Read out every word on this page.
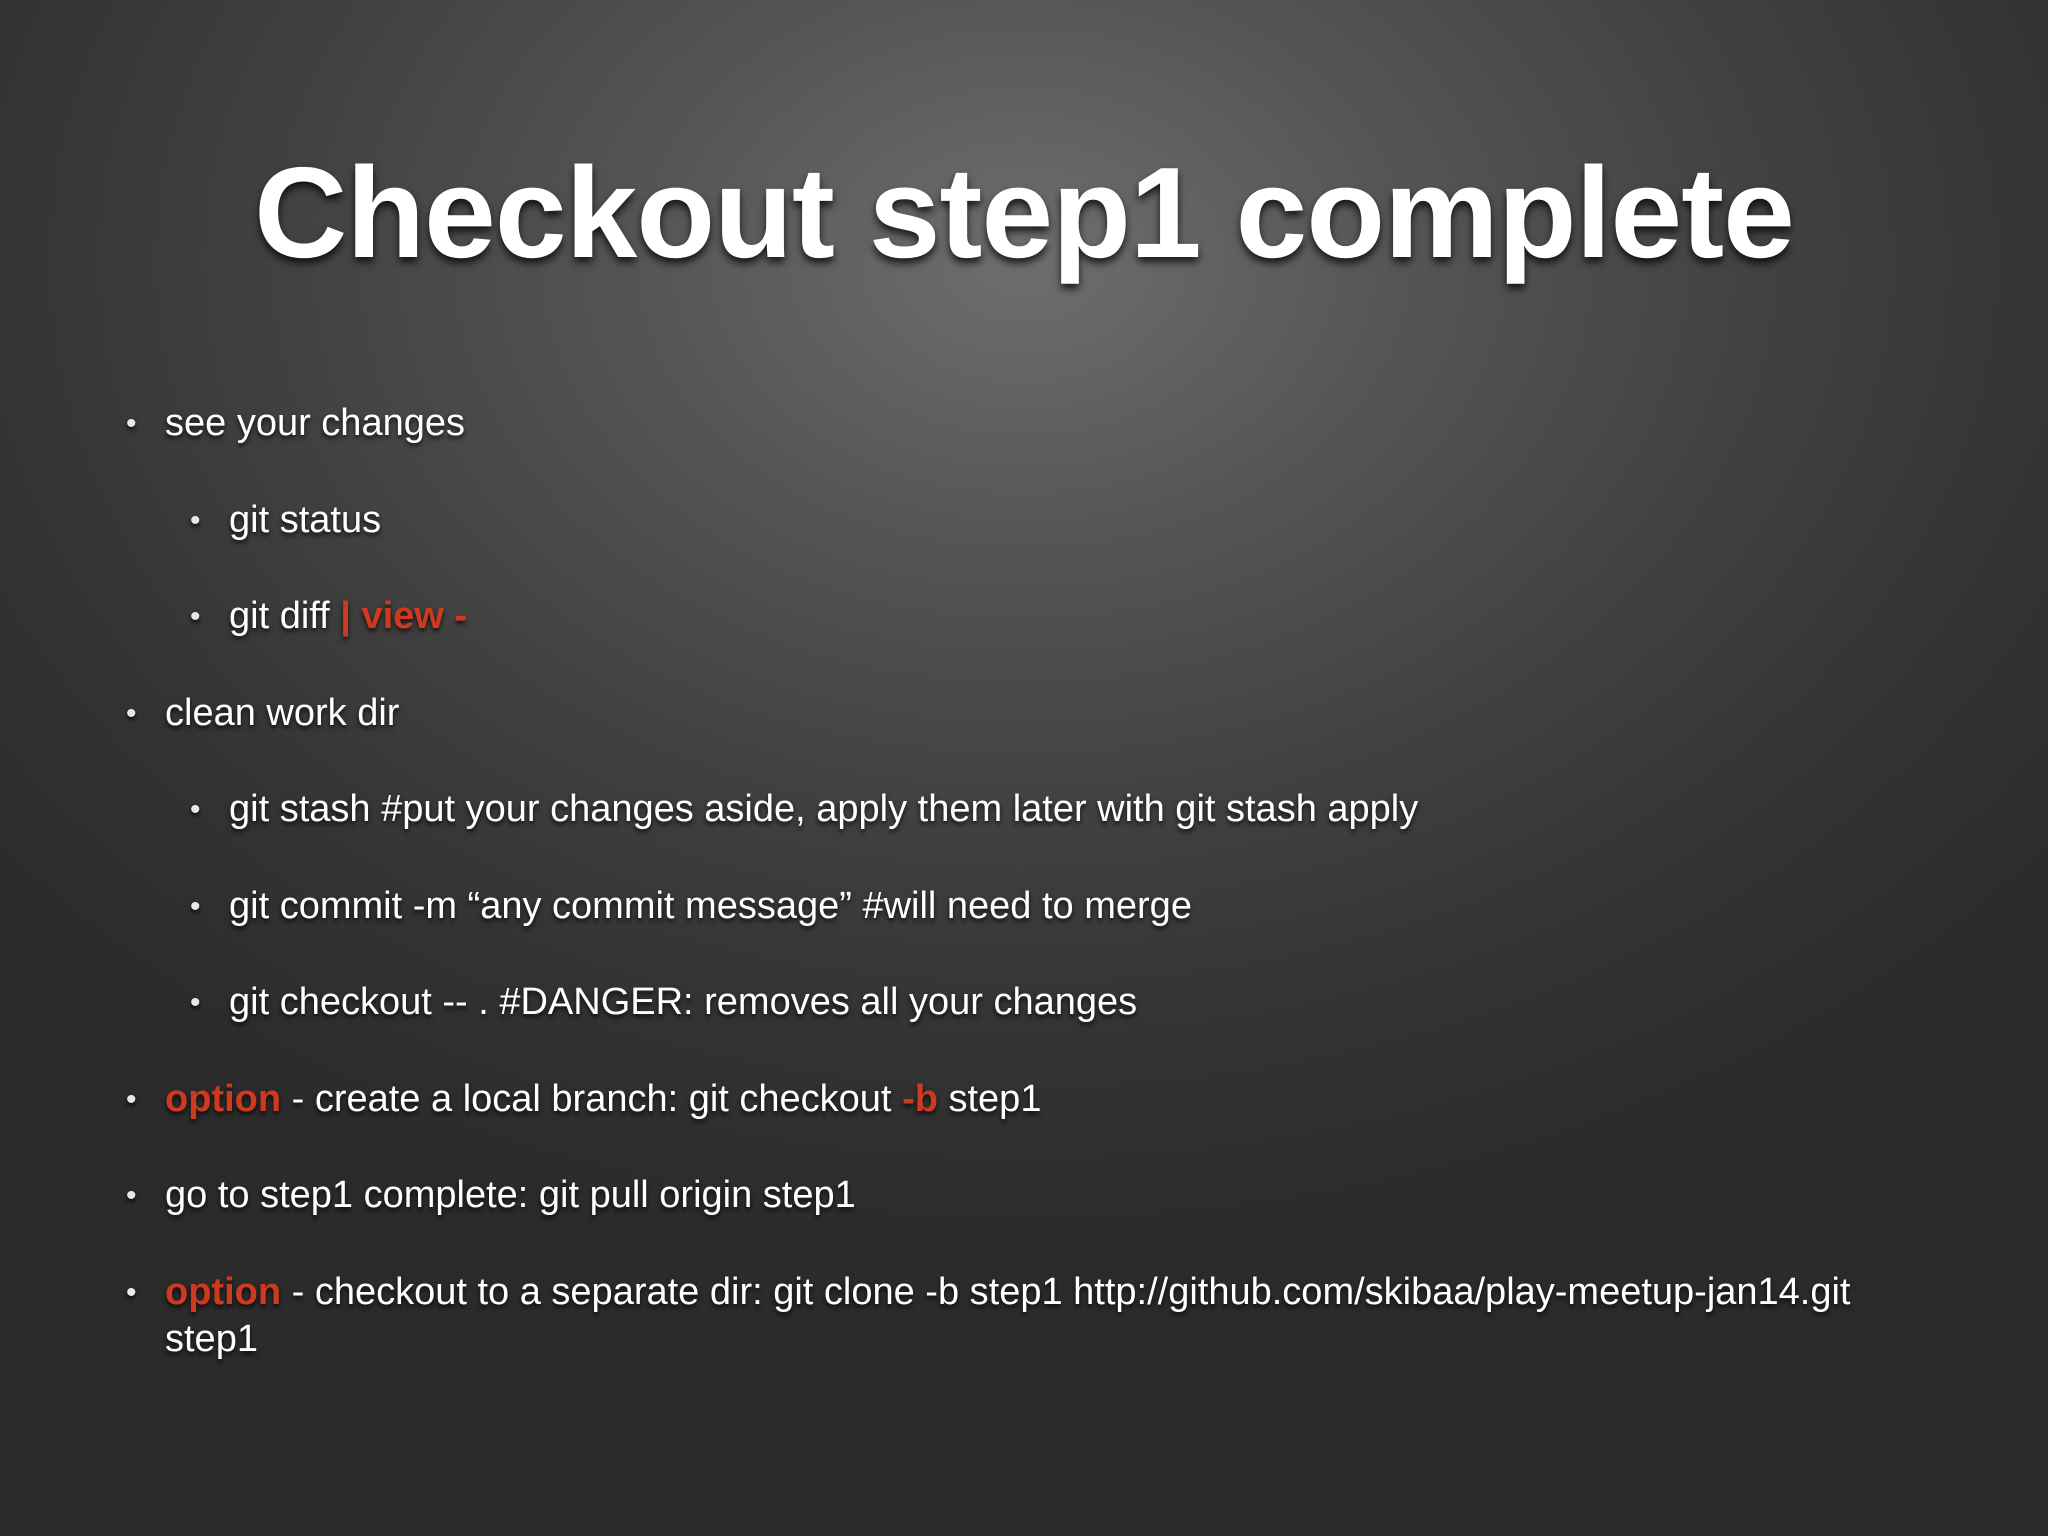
Checkout step1 complete
• see your changes
• git status
• git diff | view -
• clean work dir
• git stash #put your changes aside, apply them later with git stash apply
• git commit -m “any commit message” #will need to merge
• git checkout -- . #DANGER: removes all your changes
• option - create a local branch: git checkout -b step1
• go to step1 complete: git pull origin step1
• option - checkout to a separate dir: git clone -b step1 http://github.com/skibaa/play-meetup-jan14.git step1
